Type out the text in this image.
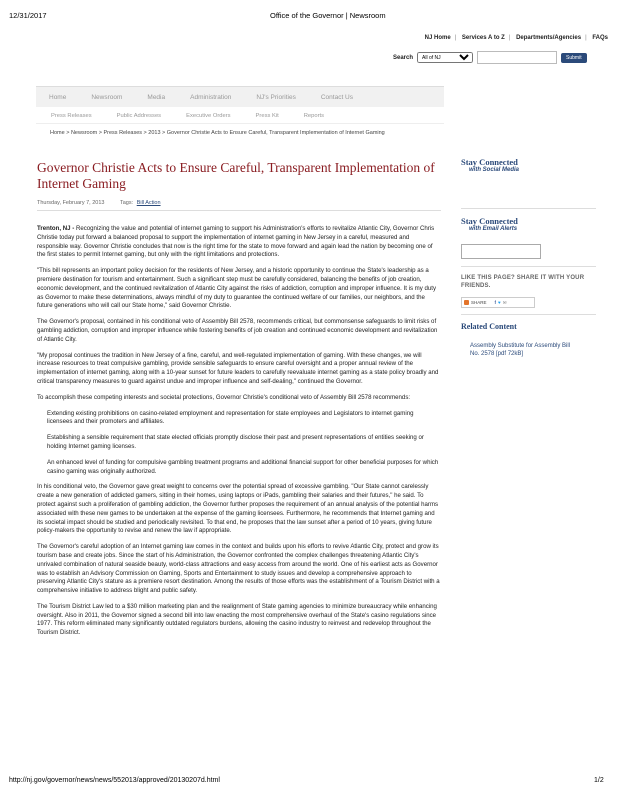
12/31/2017	Office of the Governor | Newsroom
NJ Home | Services A to Z | Departments/Agencies | FAQs
Search
All of NJ	Submit
Home	Newsroom	Media	Administration	NJ's Priorities	Contact Us
Press Releases	Public Addresses	Executive Orders	Press Kit	Reports
Home > Newsroom > Press Releases > 2013 > Governor Christie Acts to Ensure Careful, Transparent Implementation of Internet Gaming
Governor Christie Acts to Ensure Careful, Transparent Implementation of Internet Gaming
Thursday, February 7, 2013	Tags: Bill Action

Trenton, NJ - Recognizing the value and potential of internet gaming to support his Administration's efforts to revitalize Atlantic City, Governor Chris Christie today put forward a balanced proposal to support the implementation of internet gaming in New Jersey in a careful, measured and responsible way. Governor Christie concludes that now is the right time for the state to move forward and again lead the nation by becoming one of the first states to permit Internet gaming, but only with the right limitations and protections.

"This bill represents an important policy decision for the residents of New Jersey, and a historic opportunity to continue the State's leadership as a premiere destination for tourism and entertainment. Such a significant step must be carefully considered, balancing the benefits of job creation, economic development, and the continued revitalization of Atlantic City against the risks of addiction, corruption and improper influence. It is my duty as Governor to make these determinations, always mindful of my duty to guarantee the continued welfare of our families, our neighbors, and the future generations who will call our State home," said Governor Christie.

The Governor's proposal, contained in his conditional veto of Assembly Bill 2578, recommends critical, but commonsense safeguards to limit risks of gambling addiction, corruption and improper influence while fostering benefits of job creation and continued economic development and revitalization of Atlantic City.

"My proposal continues the tradition in New Jersey of a fine, careful, and well-regulated implementation of gaming. With these changes, we will increase resources to treat compulsive gambling, provide sensible safeguards to ensure careful oversight and a proper annual review of the implementation of internet gaming, along with a 10-year sunset for future leaders to carefully reevaluate internet gaming as a state policy broadly and critical transparency measures to guard against undue and improper influence and self-dealing," continued the Governor.

To accomplish these competing interests and societal protections, Governor Christie's conditional veto of Assembly Bill 2578 recommends:

Extending existing prohibitions on casino-related employment and representation for state employees and Legislators to internet gaming licensees and their promoters and affiliates.

Establishing a sensible requirement that state elected officials promptly disclose their past and present representations of entities seeking or holding Internet gaming licenses.

An enhanced level of funding for compulsive gambling treatment programs and additional financial support for other beneficial purposes for which casino gaming was originally authorized.

In his conditional veto, the Governor gave great weight to concerns over the potential spread of excessive gambling. "Our State cannot carelessly create a new generation of addicted gamers, sitting in their homes, using laptops or iPads, gambling their salaries and their futures," he said. To protect against such a proliferation of gambling addiction, the Governor further proposes the requirement of an annual analysis of the potential harms associated with these new games to be undertaken at the expense of the gaming licensees. Furthermore, he recommends that Internet gaming and its societal impact should be studied and periodically revisited. To that end, he proposes that the law sunset after a period of 10 years, giving future policy-makers the opportunity to revise and renew the law if appropriate.

The Governor's careful adoption of an Internet gaming law comes in the context and builds upon his efforts to revive Atlantic City, protect and grow its tourism base and create jobs. Since the start of his Administration, the Governor confronted the complex challenges threatening Atlantic City's unrivaled combination of natural seaside beauty, world-class attractions and easy access from around the world. One of his earliest acts as Governor was to establish an Advisory Commission on Gaming, Sports and Entertainment to study issues and develop a comprehensive approach to preserving Atlantic City's stature as a premiere resort destination. Among the results of those efforts was the establishment of a Tourism District with a comprehensive initiative to address blight and public safety.

The Tourism District Law led to a $30 million marketing plan and the realignment of State gaming agencies to minimize bureaucracy while enhancing oversight. Also in 2011, the Governor signed a second bill into law enacting the most comprehensive overhaul of the State's casino regulations since 1977. This reform eliminated many significantly outdated regulators burdens, allowing the casino industry to reinvest and redevelop throughout the Tourism District.

Stay Connected
with Social Media
Stay Connected
with Email Alerts
LIKE THIS PAGE? SHARE IT WITH YOUR FRIENDS.
SHARE f ♥ ✉
Related Content
Assembly Substitute for Assembly Bill No. 2578 [pdf 72kB]
http://nj.gov/governor/news/news/552013/approved/20130207d.html	1/2
